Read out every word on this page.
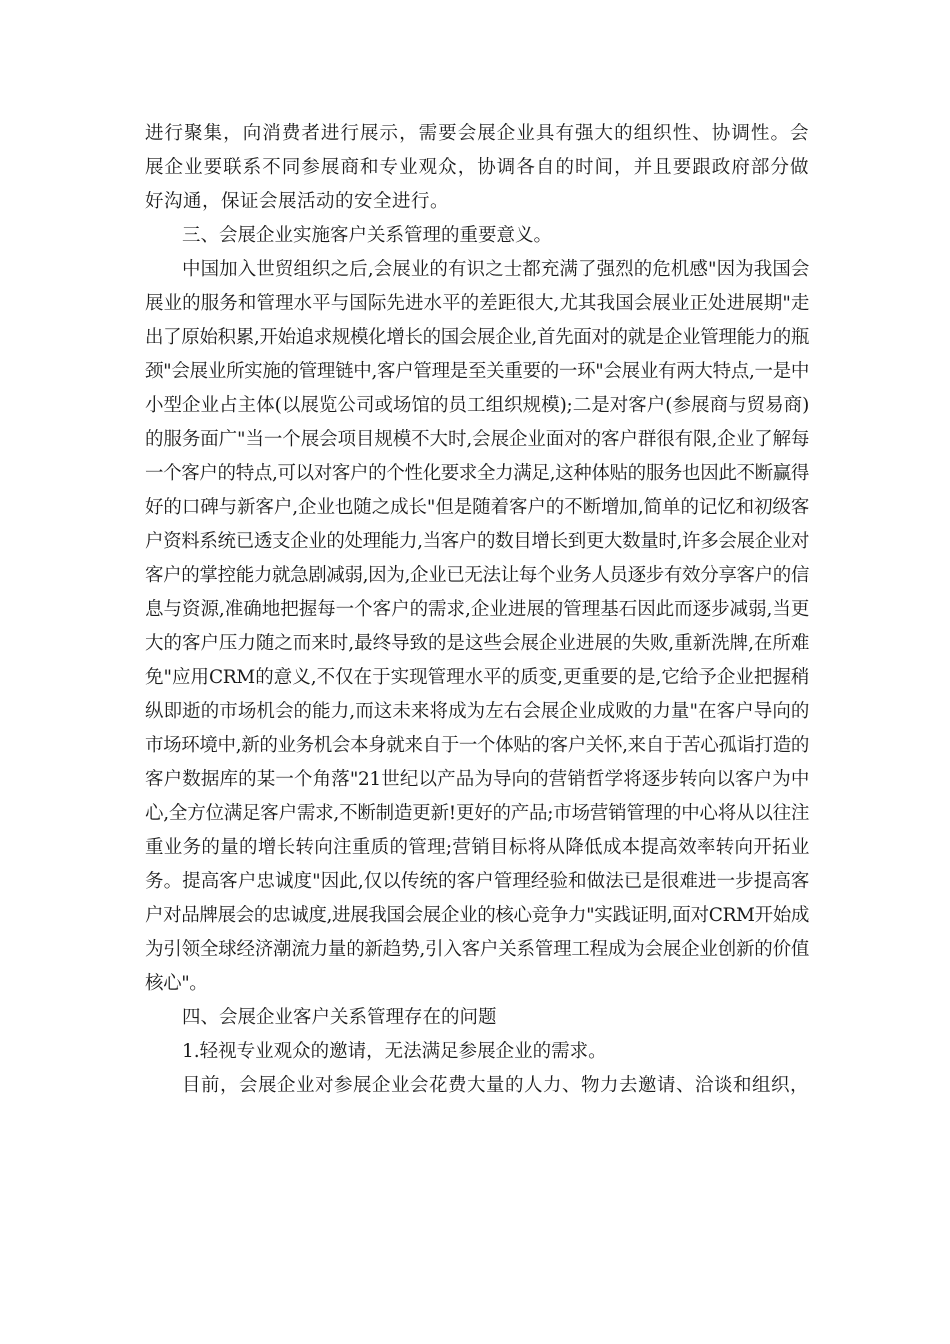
进行聚集，向消费者进行展示，需要会展企业具有强大的组织性、协调性。会展企业要联系不同参展商和专业观众，协调各自的时间，并且要跟政府部分做好沟通，保证会展活动的安全进行。

三、会展企业实施客户关系管理的重要意义。

中国加入世贸组织之后,会展业的有识之士都充满了强烈的危机感"因为我国会展业的服务和管理水平与国际先进水平的差距很大,尤其我国会展业正处进展期"走出了原始积累,开始追求规模化增长的国会展企业,首先面对的就是企业管理能力的瓶颈"会展业所实施的管理链中,客户管理是至关重要的一环"会展业有两大特点,一是中小型企业占主体(以展览公司或场馆的员工组织规模);二是对客户(参展商与贸易商)的服务面广"当一个展会项目规模不大时,会展企业面对的客户群很有限,企业了解每一个客户的特点,可以对客户的个性化要求全力满足,这种体贴的服务也因此不断赢得好的口碑与新客户,企业也随之成长"但是随着客户的不断增加,简单的记忆和初级客户资料系统已透支企业的处理能力,当客户的数目增长到更大数量时,许多会展企业对客户的掌控能力就急剧减弱,因为,企业已无法让每个业务人员逐步有效分享客户的信息与资源,准确地把握每一个客户的需求,企业进展的管理基石因此而逐步减弱,当更大的客户压力随之而来时,最终导致的是这些会展企业进展的失败,重新洗牌,在所难免"应用CRM的意义,不仅在于实现管理水平的质变,更重要的是,它给予企业把握稍纵即逝的市场机会的能力,而这未来将成为左右会展企业成败的力量"在客户导向的市场环境中,新的业务机会本身就来自于一个体贴的客户关怀,来自于苦心孤诣打造的客户数据库的某一个角落"21世纪以产品为导向的营销哲学将逐步转向以客户为中心,全方位满足客户需求,不断制造更新!更好的产品;市场营销管理的中心将从以往注重业务的量的增长转向注重质的管理;营销目标将从降低成本提高效率转向开拓业务。提高客户忠诚度"因此,仅以传统的客户管理经验和做法已是很难进一步提高客户对品牌展会的忠诚度,进展我国会展企业的核心竞争力"实践证明,面对CRM开始成为引领全球经济潮流力量的新趋势,引入客户关系管理工程成为会展企业创新的价值核心"。

四、会展企业客户关系管理存在的问题

1.轻视专业观众的邀请，无法满足参展企业的需求。

目前，会展企业对参展企业会花费大量的人力、物力去邀请、洽谈和组织，
